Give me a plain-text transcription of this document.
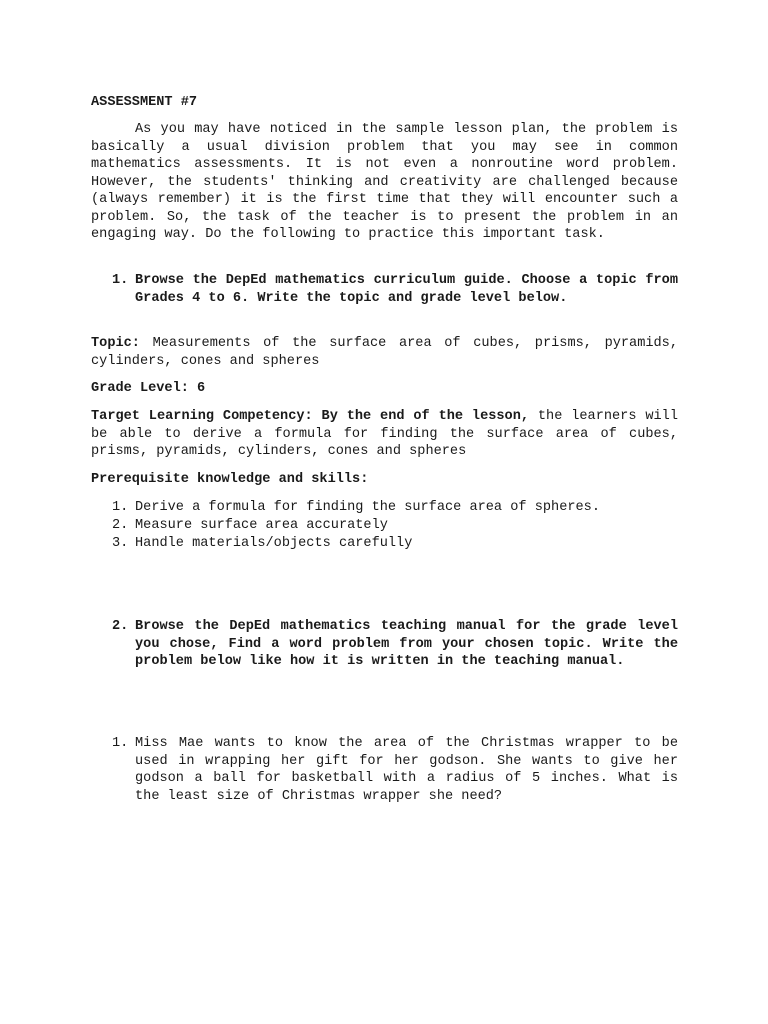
ASSESSMENT #7

As you may have noticed in the sample lesson plan, the problem is basically a usual division problem that you may see in common mathematics assessments. It is not even a nonroutine word problem. However, the students' thinking and creativity are challenged because (always remember) it is the first time that they will encounter such a problem. So, the task of the teacher is to present the problem in an engaging way. Do the following to practice this important task.

1. Browse the DepEd mathematics curriculum guide. Choose a topic from Grades 4 to 6. Write the topic and grade level below.

Topic: Measurements of the surface area of cubes, prisms, pyramids, cylinders, cones and spheres

Grade Level: 6

Target Learning Competency: By the end of the lesson, the learners will be able to derive a formula for finding the surface area of cubes, prisms, pyramids, cylinders, cones and spheres

Prerequisite knowledge and skills:

1. Derive a formula for finding the surface area of spheres.
2. Measure surface area accurately
3. Handle materials/objects carefully
2. Browse the DepEd mathematics teaching manual for the grade level you chose, Find a word problem from your chosen topic. Write the problem below like how it is written in the teaching manual.
1. Miss Mae wants to know the area of the Christmas wrapper to be used in wrapping her gift for her godson. She wants to give her godson a ball for basketball with a radius of 5 inches. What is the least size of Christmas wrapper she need?
